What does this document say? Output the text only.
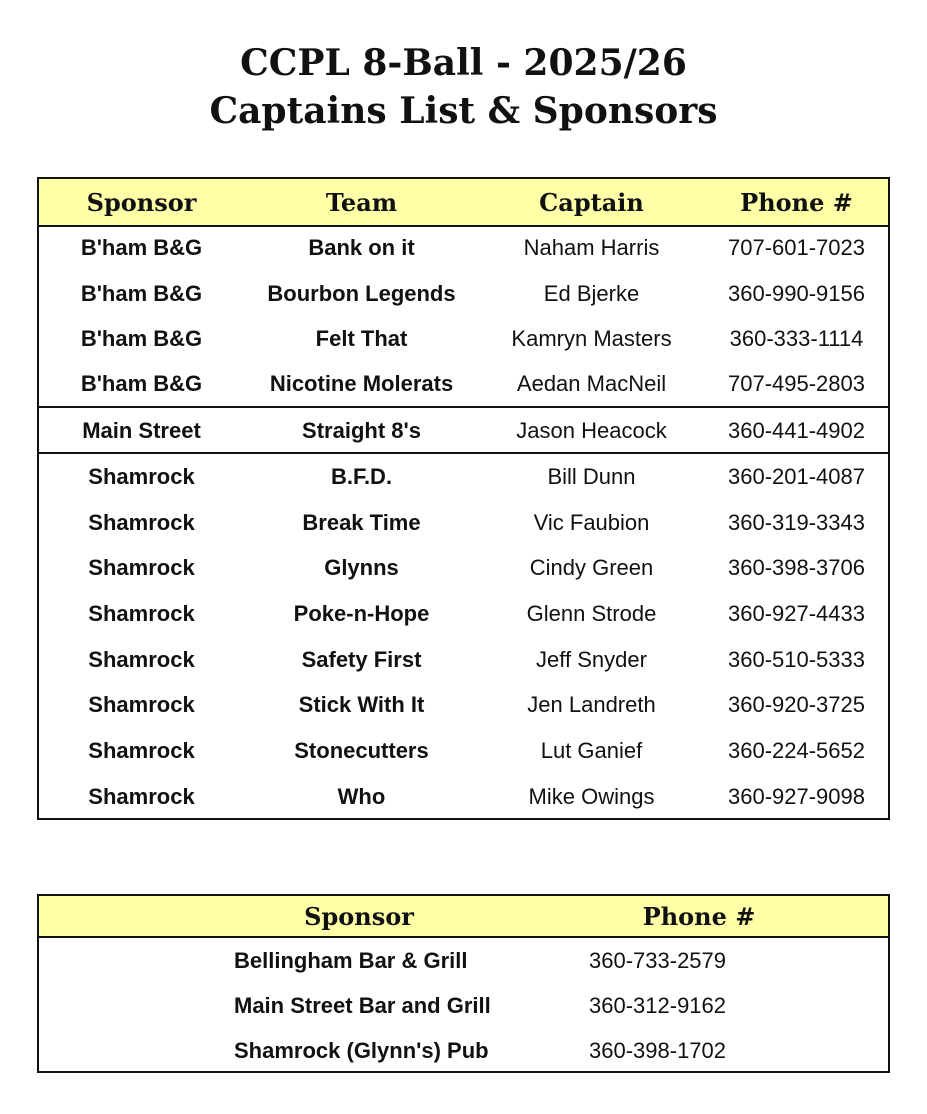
CCPL 8-Ball - 2025/26
Captains List & Sponsors
Sponsor	Team	Captain	Phone #
B'ham B&G	Bank on it	Naham Harris	707-601-7023
B'ham B&G	Bourbon Legends	Ed Bjerke	360-990-9156
B'ham B&G	Felt That	Kamryn Masters	360-333-1114
B'ham B&G	Nicotine Molerats	Aedan MacNeil	707-495-2803
Main Street	Straight 8's	Jason Heacock	360-441-4902
Shamrock	B.F.D.	Bill Dunn	360-201-4087
Shamrock	Break Time	Vic Faubion	360-319-3343
Shamrock	Glynns	Cindy Green	360-398-3706
Shamrock	Poke-n-Hope	Glenn Strode	360-927-4433
Shamrock	Safety First	Jeff Snyder	360-510-5333
Shamrock	Stick With It	Jen Landreth	360-920-3725
Shamrock	Stonecutters	Lut Ganief	360-224-5652
Shamrock	Who	Mike Owings	360-927-9098
Sponsor	Phone #
Bellingham Bar & Grill	360-733-2579
Main Street Bar and Grill	360-312-9162
Shamrock (Glynn's) Pub	360-398-1702
